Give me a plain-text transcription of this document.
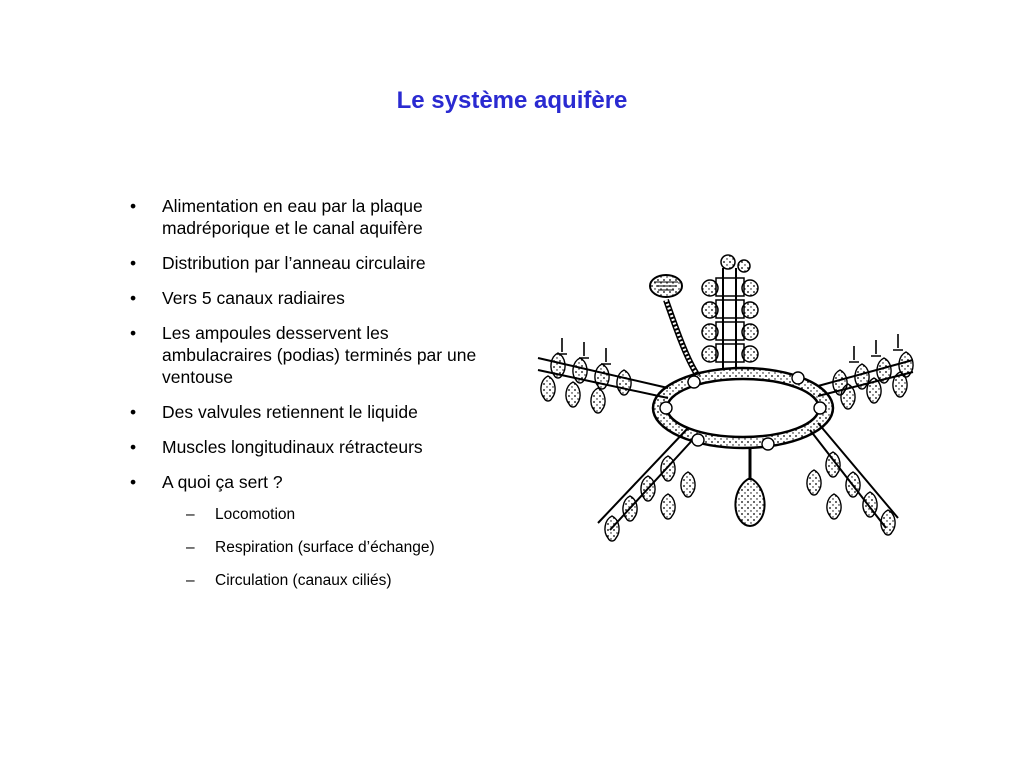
Le système aquifère
• Alimentation en eau par la plaque madréporique et le canal aquifère
• Distribution par l’anneau circulaire
• Vers 5 canaux radiaires
• Les ampoules desservent les ambulacraires (podias) terminés par une ventouse
• Des valvules retiennent le liquide
• Muscles longitudinaux rétracteurs
• A quoi ça sert ?
– Locomotion
– Respiration (surface d’échange)
– Circulation (canaux ciliés)
